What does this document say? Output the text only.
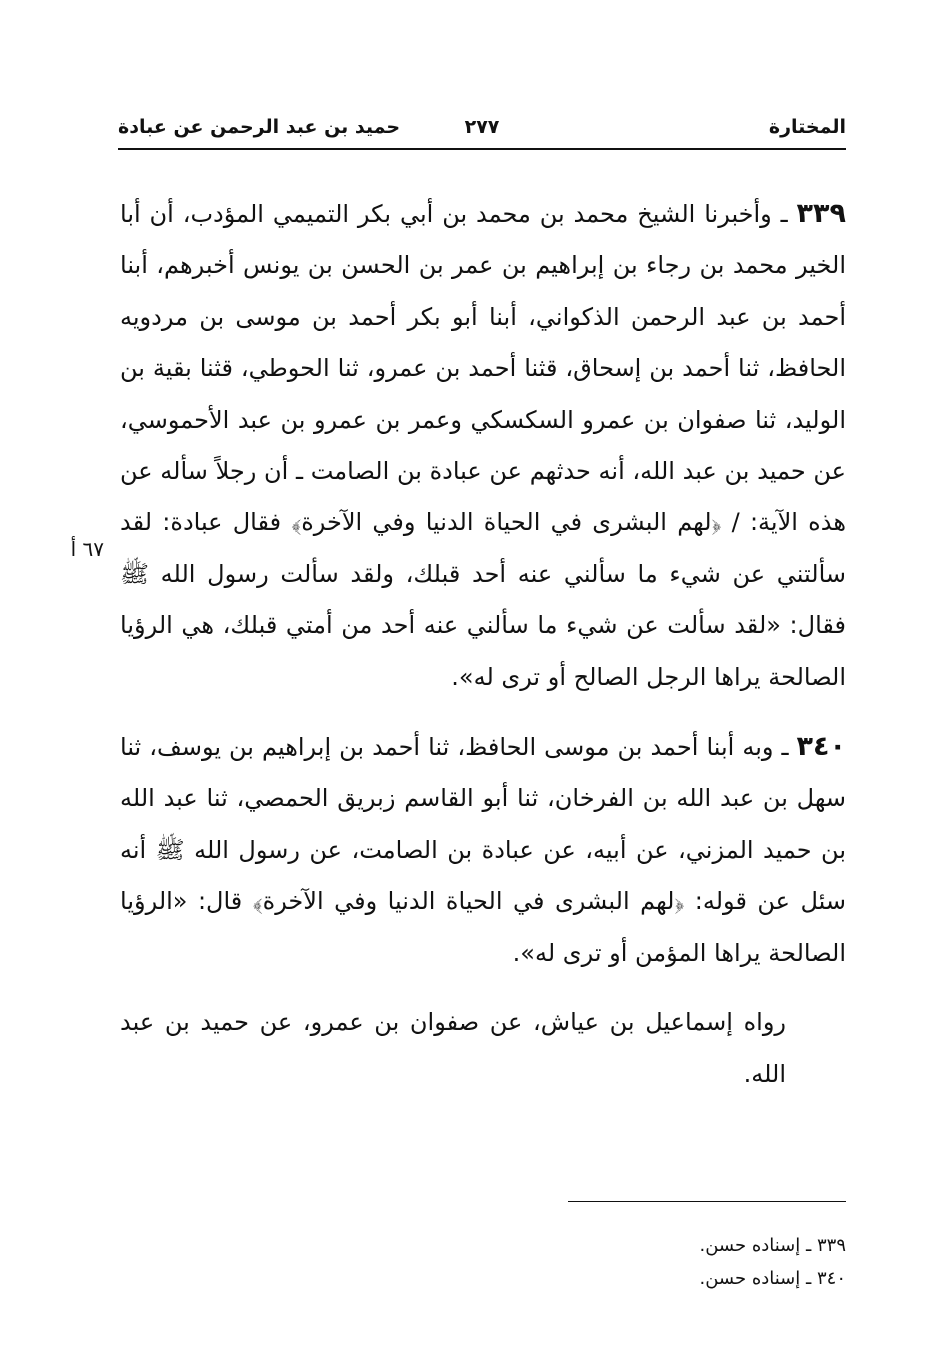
المختارة
٢٧٧
حميد بن عبد الرحمن عن عبادة
٦٧ أ

٣٣٩ ـ وأخبرنا الشيخ محمد بن محمد بن أبي بكر التميمي المؤدب، أن أبا الخير محمد بن رجاء بن إبراهيم بن عمر بن الحسن بن يونس أخبرهم، أبنا أحمد بن عبد الرحمن الذكواني، أبنا أبو بكر أحمد بن موسى بن مردويه الحافظ، ثنا أحمد بن إسحاق، قثنا أحمد بن عمرو، ثنا الحوطي، قثنا بقية بن الوليد، ثنا صفوان بن عمرو السكسكي وعمر بن عمرو بن عبد الأحموسي، عن حميد بن عبد الله، أنه حدثهم عن عبادة بن الصامت ـ أن رجلاً سأله عن هذه الآية: / ﴿لهم البشرى في الحياة الدنيا وفي الآخرة﴾ فقال عبادة: لقد سألتني عن شيء ما سألني عنه أحد قبلك، ولقد سألت رسول الله ﷺ فقال: «لقد سألت عن شيء ما سألني عنه أحد من أمتي قبلك، هي الرؤيا الصالحة يراها الرجل الصالح أو ترى له».

٣٤٠ ـ وبه أبنا أحمد بن موسى الحافظ، ثنا أحمد بن إبراهيم بن يوسف، ثنا سهل بن عبد الله بن الفرخان، ثنا أبو القاسم زبريق الحمصي، ثنا عبد الله بن حميد المزني، عن أبيه، عن عبادة بن الصامت، عن رسول الله ﷺ أنه سئل عن قوله: ﴿لهم البشرى في الحياة الدنيا وفي الآخرة﴾ قال: «الرؤيا الصالحة يراها المؤمن أو ترى له».

رواه إسماعيل بن عياش، عن صفوان بن عمرو، عن حميد بن عبد الله.

٣٣٩ ـ إسناده حسن.
٣٤٠ ـ إسناده حسن.
